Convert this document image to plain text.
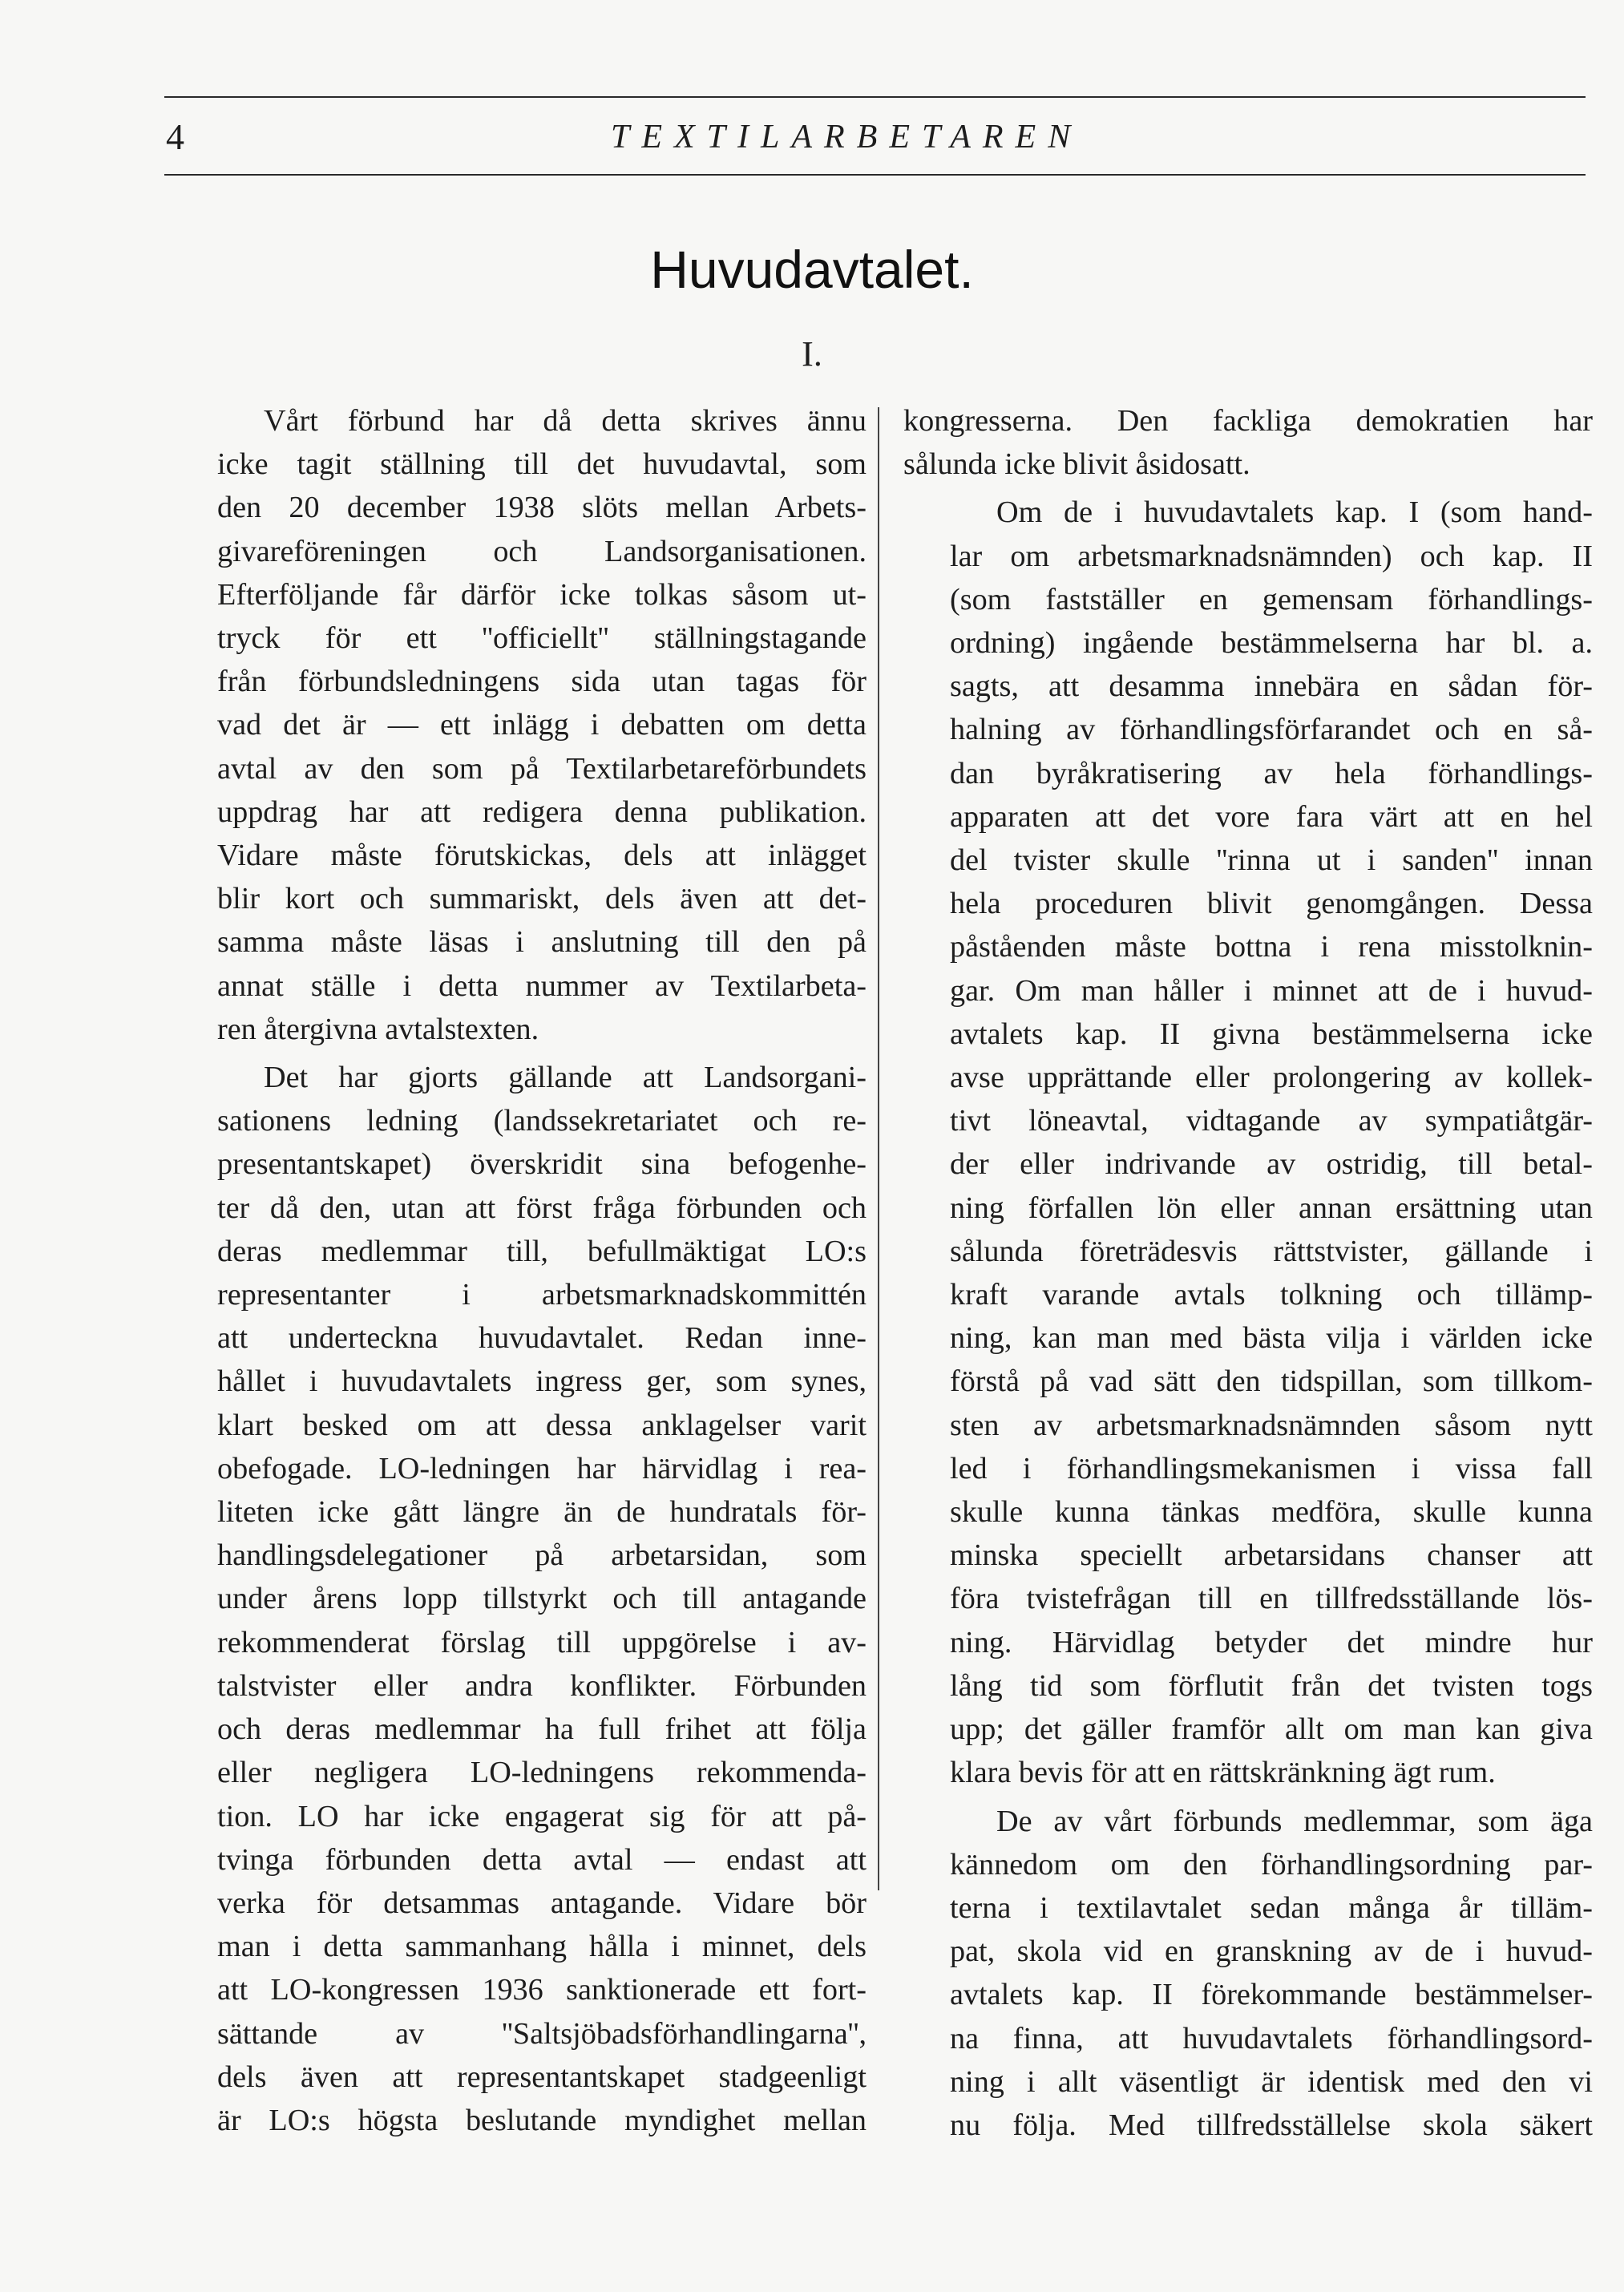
4	TEXTILARBETAREN
Huvudavtalet.
I.

Vårt förbund har då detta skrives ännu
icke tagit ställning till det huvudavtal, som
den 20 december 1938 slöts mellan Arbets-
givareföreningen och Landsorganisationen.
Efterföljande får därför icke tolkas såsom ut-
tryck för ett ''officiellt'' ställningstagande
från förbundsledningens sida utan tagas för
vad det är — ett inlägg i debatten om detta
avtal av den som på Textilarbetareförbundets
uppdrag har att redigera denna publikation.
Vidare måste förutskickas, dels att inlägget
blir kort och summariskt, dels även att det-
samma måste läsas i anslutning till den på
annat ställe i detta nummer av Textilarbeta-
ren återgivna avtalstexten.

Det har gjorts gällande att Landsorgani-
sationens ledning (landssekretariatet och re-
presentantskapet) överskridit sina befogenhe-
ter då den, utan att först fråga förbunden och
deras medlemmar till, befullmäktigat LO:s
representanter i arbetsmarknadskommittén
att underteckna huvudavtalet. Redan inne-
hållet i huvudavtalets ingress ger, som synes,
klart besked om att dessa anklagelser varit
obefogade. LO-ledningen har härvidlag i rea-
liteten icke gått längre än de hundratals för-
handlingsdelegationer på arbetarsidan, som
under årens lopp tillstyrkt och till antagande
rekommenderat förslag till uppgörelse i av-
talstvister eller andra konflikter. Förbunden
och deras medlemmar ha full frihet att följa
eller negligera LO-ledningens rekommenda-
tion. LO har icke engagerat sig för att på-
tvinga förbunden detta avtal — endast att
verka för detsammas antagande. Vidare bör
man i detta sammanhang hålla i minnet, dels
att LO-kongressen 1936 sanktionerade ett fort-
sättande av ''Saltsjöbadsförhandlingarna'',
dels även att representantskapet stadgeenligt
är LO:s högsta beslutande myndighet mellan

kongresserna. Den fackliga demokratien har
sålunda icke blivit åsidosatt.

Om de i huvudavtalets kap. I (som hand-
lar om arbetsmarknadsnämnden) och kap. II
(som fastställer en gemensam förhandlings-
ordning) ingående bestämmelserna har bl. a.
sagts, att desamma innebära en sådan för-
halning av förhandlingsförfarandet och en så-
dan byråkratisering av hela förhandlings-
apparaten att det vore fara värt att en hel
del tvister skulle ''rinna ut i sanden'' innan
hela proceduren blivit genomgången. Dessa
påståenden måste bottna i rena misstolknin-
gar. Om man håller i minnet att de i huvud-
avtalets kap. II givna bestämmelserna icke
avse upprättande eller prolongering av kollek-
tivt löneavtal, vidtagande av sympatiåtgär-
der eller indrivande av ostridig, till betal-
ning förfallen lön eller annan ersättning utan
sålunda företrädesvis rättstvister, gällande i
kraft varande avtals tolkning och tillämp-
ning, kan man med bästa vilja i världen icke
förstå på vad sätt den tidspillan, som tillkom-
sten av arbetsmarknadsnämnden såsom nytt
led i förhandlingsmekanismen i vissa fall
skulle kunna tänkas medföra, skulle kunna
minska speciellt arbetarsidans chanser att
föra tvistefrågan till en tillfredsställande lös-
ning. Härvidlag betyder det mindre hur
lång tid som förflutit från det tvisten togs
upp; det gäller framför allt om man kan giva
klara bevis för att en rättskränkning ägt rum.

De av vårt förbunds medlemmar, som äga
kännedom om den förhandlingsordning par-
terna i textilavtalet sedan många år tilläm-
pat, skola vid en granskning av de i huvud-
avtalets kap. II förekommande bestämmelser-
na finna, att huvudavtalets förhandlingsord-
ning i allt väsentligt är identisk med den vi
nu följa. Med tillfredsställelse skola säkert
